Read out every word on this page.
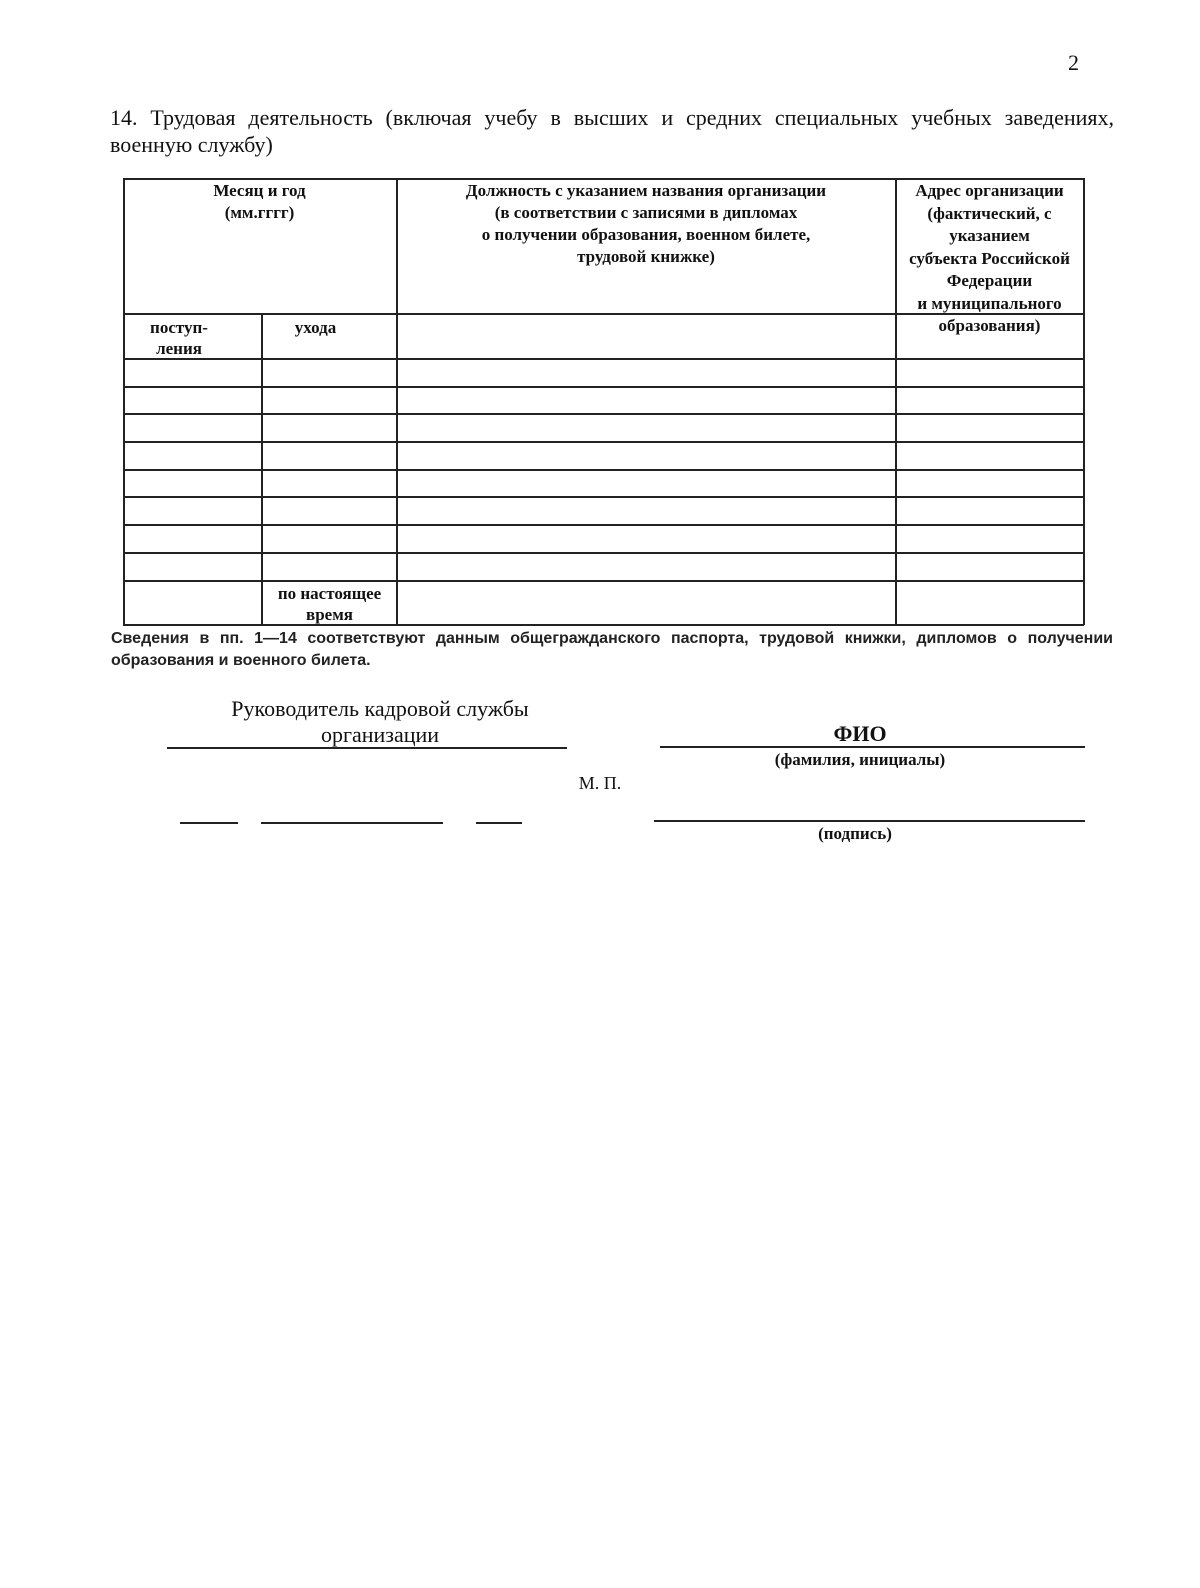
2
14. Трудовая деятельность (включая учебу в высших и средних специальных учебных заведениях, военную службу)
Месяц и год
(мм.гггг)
Должность с указанием названия организации
(в соответствии с записями в дипломах
о получении образования, военном билете,
трудовой книжке)
Адрес организации
(фактический, с указанием
субъекта Российской
Федерации
и муниципального
образования)
поступ-
ления
ухода
по настоящее
время
Сведения в пп. 1—14 соответствуют данным общегражданского паспорта, трудовой книжки, дипломов о получении образования и военного билета.
Руководитель кадровой службы
организации	ФИО
(фамилия, инициалы)
М. П.
(подпись)
